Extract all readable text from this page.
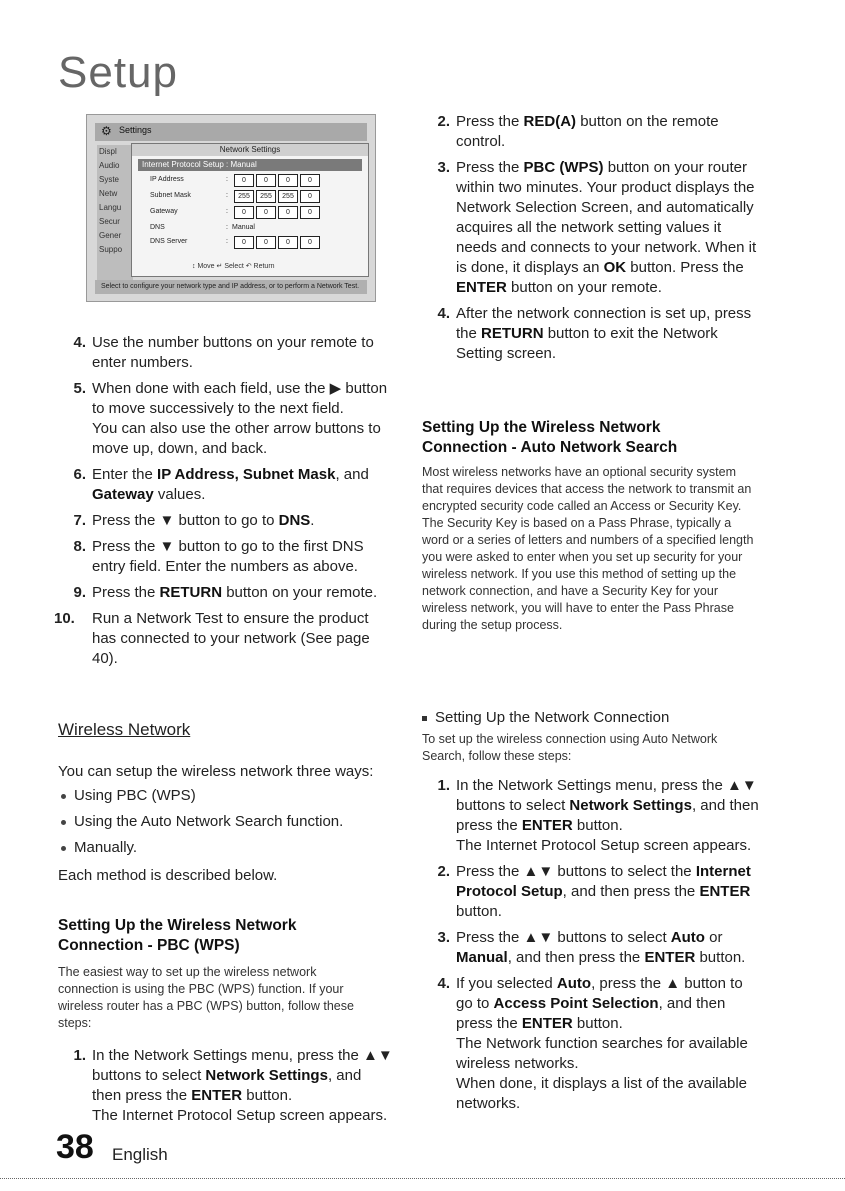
Setup
⚙ Settings
Displ
Audio
Syste
Netw
Langu
Secur
Gener
Suppo
Network Settings
Internet Protocol Setup : Manual
IP Address	:	0	0	0	0
Subnet Mask	:	255	255	255	0
Gateway	:	0	0	0	0
DNS	: Manual
DNS Server	:	0	0	0	0
↕ Move ↵ Select ↶ Return
Select to configure your network type and IP address, or to perform a Network Test.
4. Use the number buttons on your remote to enter numbers.
5. When done with each field, use the ▶ button to move successively to the next field.
You can also use the other arrow buttons to move up, down, and back.
6. Enter the IP Address, Subnet Mask, and Gateway values.
7. Press the ▼ button to go to DNS.
8. Press the ▼ button to go to the first DNS entry field. Enter the numbers as above.
9. Press the RETURN button on your remote.
10.	Run a Network Test to ensure the product has connected to your network (See page 40).
Wireless Network

You can setup the wireless network three ways:

Using PBC (WPS)
Using the Auto Network Search function.
Manually.

Each method is described below.

Setting Up the Wireless Network
Connection - PBC (WPS)

The easiest way to set up the wireless network connection is using the PBC (WPS) function. If your wireless router has a PBC (WPS) button, follow these steps:

1. In the Network Settings menu, press the ▲▼ buttons to select Network Settings, and then press the ENTER button.
The Internet Protocol Setup screen appears.
2. Press the RED(A) button on the remote control.
3. Press the PBC (WPS) button on your router within two minutes. Your product displays the Network Selection Screen, and automatically acquires all the network setting values it needs and connects to your network. When it is done, it displays an OK button. Press the ENTER button on your remote.
4. After the network connection is set up, press the RETURN button to exit the Network Setting screen.

Setting Up the Wireless Network
Connection - Auto Network Search

Most wireless networks have an optional security system that requires devices that access the network to transmit an encrypted security code called an Access or Security Key. The Security Key is based on a Pass Phrase, typically a word or a series of letters and numbers of a specified length you were asked to enter when you set up security for your wireless network. If you use this method of setting up the network connection, and have a Security Key for your wireless network, you will have to enter the Pass Phrase during the setup process.

Setting Up the Network Connection

To set up the wireless connection using Auto Network Search, follow these steps:

1. In the Network Settings menu, press the ▲▼ buttons to select Network Settings, and then press the ENTER button.
The Internet Protocol Setup screen appears.
2. Press the ▲▼ buttons to select the Internet Protocol Setup, and then press the ENTER button.
3. Press the ▲▼ buttons to select Auto or Manual, and then press the ENTER button.
4. If you selected Auto, press the ▲ button to go to Access Point Selection, and then press the ENTER button.
The Network function searches for available wireless networks.
When done, it displays a list of the available networks.
38 English
